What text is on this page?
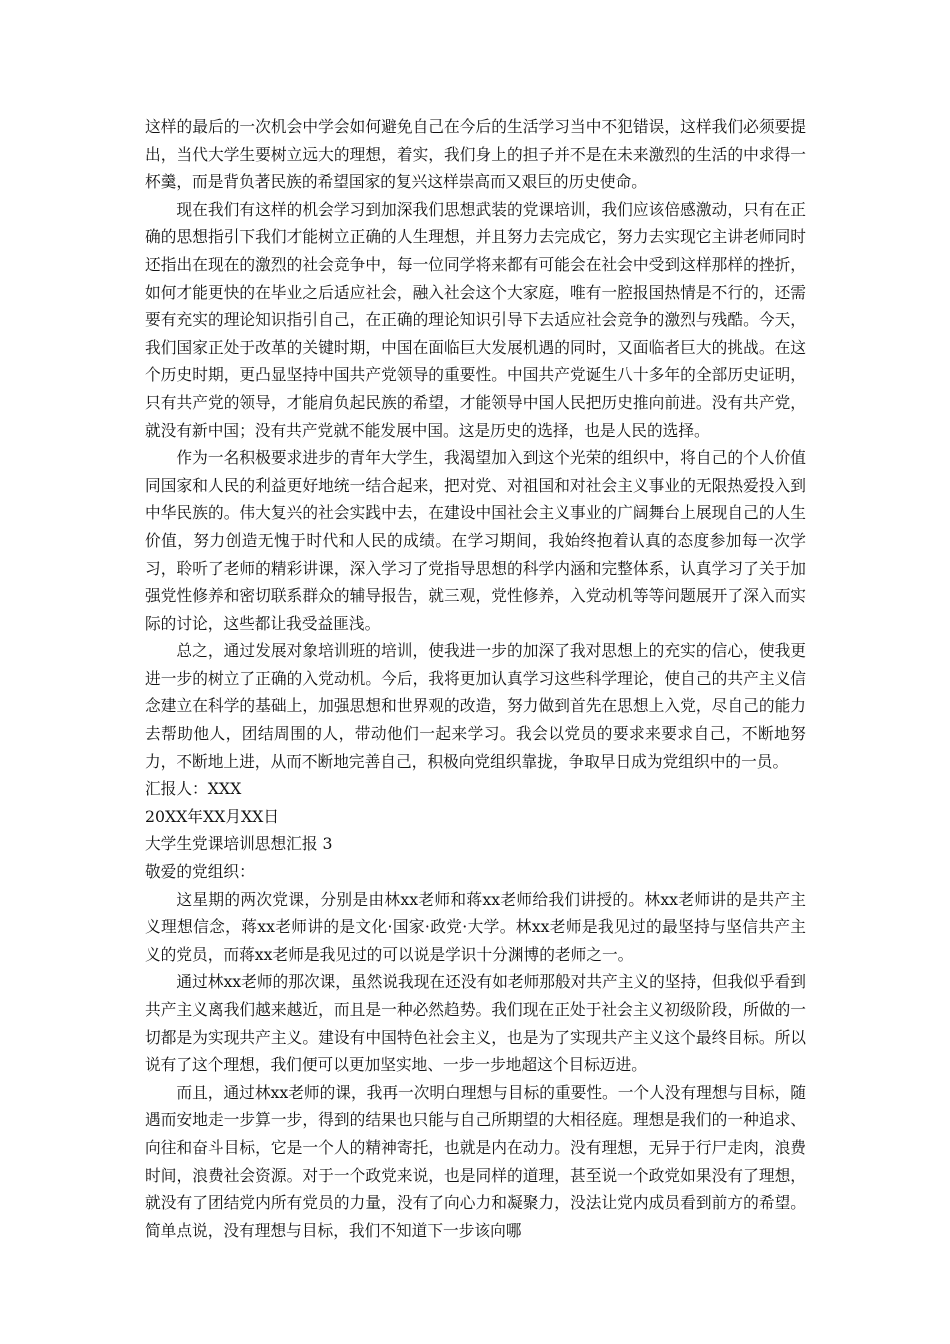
这样的最后的一次机会中学会如何避免自己在今后的生活学习当中不犯错误，这样我们必须要提出，当代大学生要树立远大的理想，着实，我们身上的担子并不是在未来激烈的生活的中求得一杯羹，而是背负著民族的希望国家的复兴这样崇高而又艰巨的历史使命。

现在我们有这样的机会学习到加深我们思想武装的党课培训，我们应该倍感激动，只有在正确的思想指引下我们才能树立正确的人生理想，并且努力去完成它，努力去实现它主讲老师同时还指出在现在的激烈的社会竞争中，每一位同学将来都有可能会在社会中受到这样那样的挫折，如何才能更快的在毕业之后适应社会，融入社会这个大家庭，唯有一腔报国热情是不行的，还需要有充实的理论知识指引自己，在正确的理论知识引导下去适应社会竞争的激烈与残酷。今天，我们国家正处于改革的关键时期，中国在面临巨大发展机遇的同时，又面临者巨大的挑战。在这个历史时期，更凸显坚持中国共产党领导的重要性。中国共产党诞生八十多年的全部历史证明，只有共产党的领导，才能肩负起民族的希望，才能领导中国人民把历史推向前进。没有共产党，就没有新中国；没有共产党就不能发展中国。这是历史的选择，也是人民的选择。

作为一名积极要求进步的青年大学生，我渴望加入到这个光荣的组织中，将自己的个人价值同国家和人民的利益更好地统一结合起来，把对党、对祖国和对社会主义事业的无限热爱投入到中华民族的。伟大复兴的社会实践中去，在建设中国社会主义事业的广阔舞台上展现自己的人生价值，努力创造无愧于时代和人民的成绩。在学习期间，我始终抱着认真的态度参加每一次学习，聆听了老师的精彩讲课，深入学习了党指导思想的科学内涵和完整体系，认真学习了关于加强党性修养和密切联系群众的辅导报告，就三观，党性修养，入党动机等等问题展开了深入而实际的讨论，这些都让我受益匪浅。

总之，通过发展对象培训班的培训，使我进一步的加深了我对思想上的充实的信心，使我更进一步的树立了正确的入党动机。今后，我将更加认真学习这些科学理论，使自己的共产主义信念建立在科学的基础上，加强思想和世界观的改造，努力做到首先在思想上入党，尽自己的能力去帮助他人，团结周围的人，带动他们一起来学习。我会以党员的要求来要求自己，不断地努力，不断地上进，从而不断地完善自己，积极向党组织靠拢，争取早日成为党组织中的一员。

汇报人：XXX

20XX年XX月XX日

大学生党课培训思想汇报 3

敬爱的党组织：

这星期的两次党课，分别是由林xx老师和蒋xx老师给我们讲授的。林xx老师讲的是共产主义理想信念，蒋xx老师讲的是文化·国家·政党·大学。林xx老师是我见过的最坚持与坚信共产主义的党员，而蒋xx老师是我见过的可以说是学识十分渊博的老师之一。

通过林xx老师的那次课，虽然说我现在还没有如老师那般对共产主义的坚持，但我似乎看到共产主义离我们越来越近，而且是一种必然趋势。我们现在正处于社会主义初级阶段，所做的一切都是为实现共产主义。建设有中国特色社会主义，也是为了实现共产主义这个最终目标。所以说有了这个理想，我们便可以更加坚实地、一步一步地超这个目标迈进。

而且，通过林xx老师的课，我再一次明白理想与目标的重要性。一个人没有理想与目标，随遇而安地走一步算一步，得到的结果也只能与自己所期望的大相径庭。理想是我们的一种追求、向往和奋斗目标，它是一个人的精神寄托，也就是内在动力。没有理想，无异于行尸走肉，浪费时间，浪费社会资源。对于一个政党来说，也是同样的道理，甚至说一个政党如果没有了理想，就没有了团结党内所有党员的力量，没有了向心力和凝聚力，没法让党内成员看到前方的希望。简单点说，没有理想与目标，我们不知道下一步该向哪
